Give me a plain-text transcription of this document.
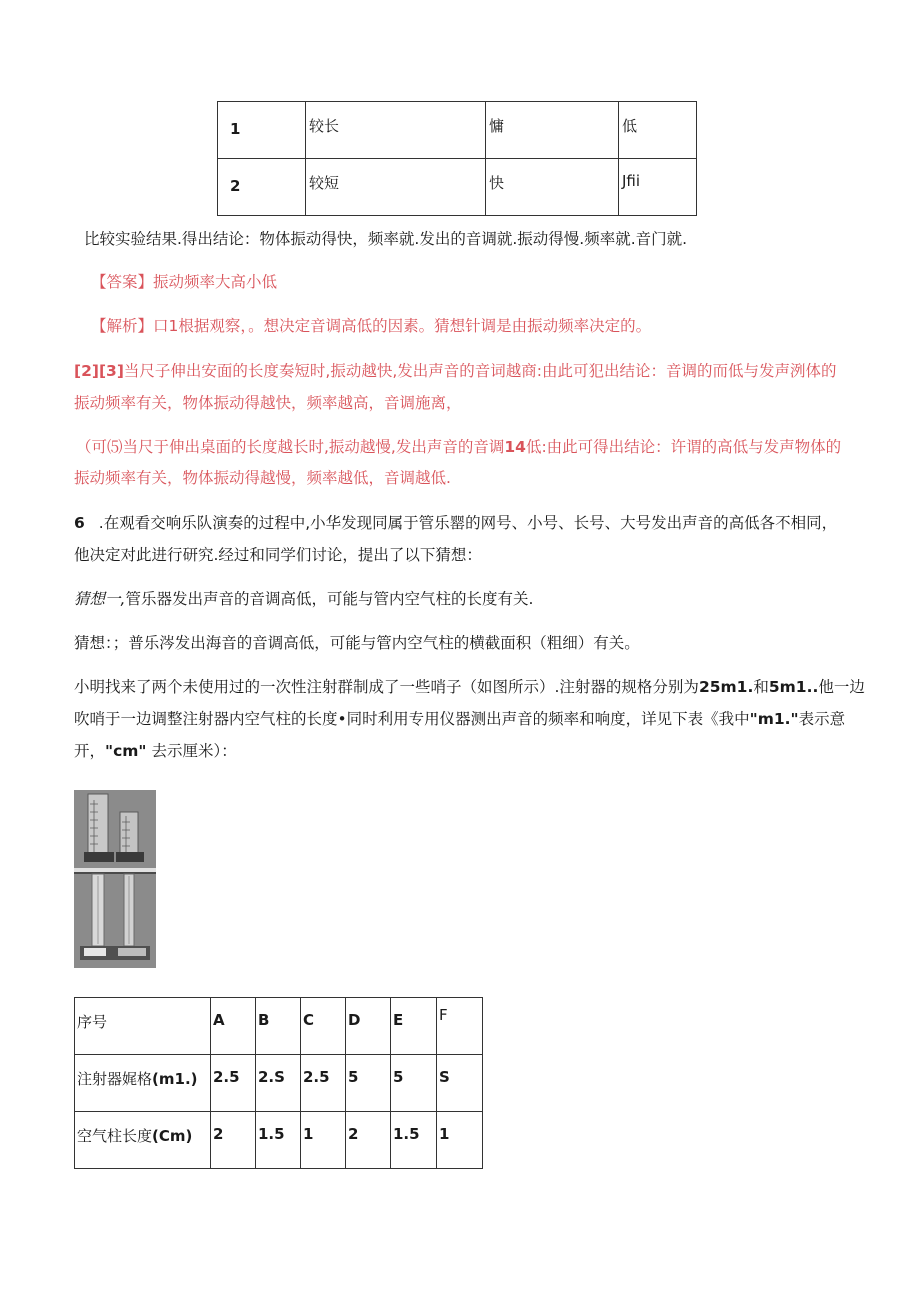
1	较长	慵	低

2	较短	快	Jfii
比较实验结果.得出结论：物体振动得快，频率就.发出的音调就.振动得慢.频率就.音门就.
【答案】振动频率大高小低
【解析】口1根据观察，。想决定音调高低的因素。猜想针调是由振动频率决定的。
[2][3]当尺子伸出安面的长度奏短时,振动越快,发出声音的音词越商:由此可犯出结论：音调的而低与发声洌体的
振动频率有关，物体振动得越快，频率越高，音调施离，
（可⑸当尺于伸出桌面的长度越长时,振动越慢,发出声音的音调14低:由此可得出结论：许谓的高低与发声物体的
振动频率有关，物体振动得越慢，频率越低，音调越低.
6 .在观看交响乐队演奏的过程中,小华发现同属于管乐罂的网号、小号、长号、大号发出声音的高低各不相同，
他决定对此进行研究.经过和同学们讨论，提出了以下猜想：
猜想一,管乐器发出声音的音调高低，可能与管内空气柱的长度有关.
猜想：；普乐涔发出海音的音调高低，可能与管内空气柱的横截面积（粗细）有关。
小明找来了两个未使用过的一次性注射群制成了一些哨子（如图所示）.注射器的规格分别为25m1.和5m1..他一边
吹哨于一边调整注射器内空气柱的长度•同时利用专用仪器测出声音的频率和响度，详见下表《我中"m1."表示意
开，"cm" 去示厘米）：
序号	A	B	C	D	E	F

注射器娓格(m1.)	2.5	2.S	2.5	5	5	S

空气柱长度(Cm)	2	1.5	1	2	1.5	1
